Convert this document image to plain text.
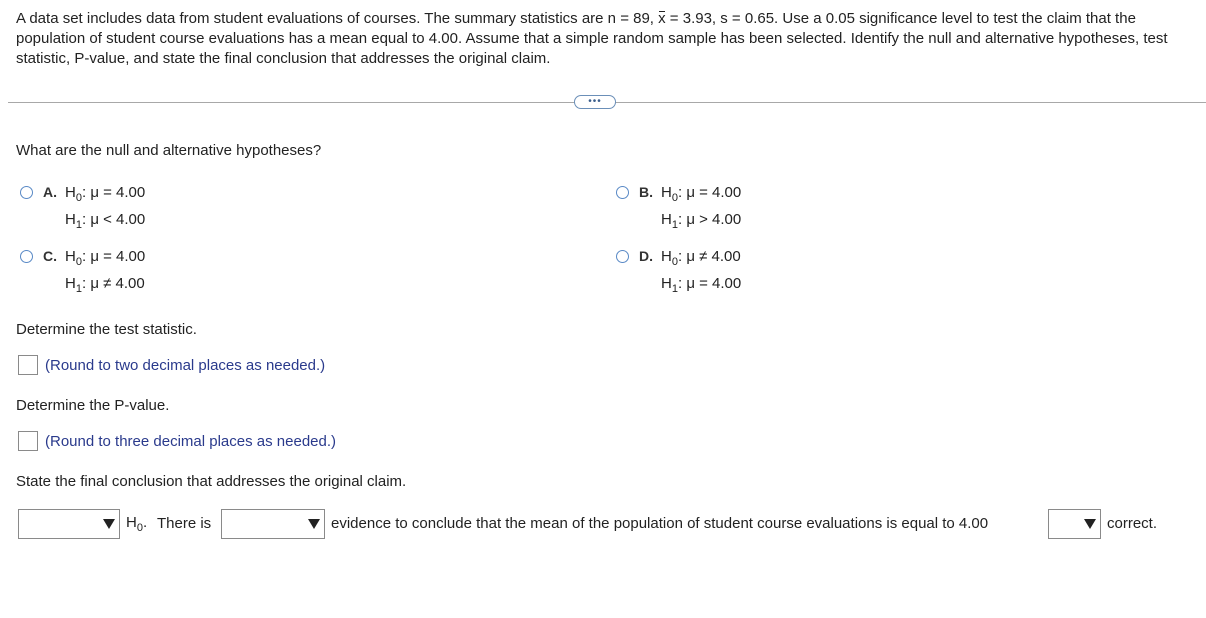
A data set includes data from student evaluations of courses. The summary statistics are n = 89, x = 3.93, s = 0.65. Use a 0.05 significance level to test the claim that the population of student course evaluations has a mean equal to 4.00. Assume that a simple random sample has been selected. Identify the null and alternative hypotheses, test statistic, P-value, and state the final conclusion that addresses the original claim.
•••
What are the null and alternative hypotheses?
A. $H_0$: μ = 4.00
$H_1$: μ < 4.00
B. $H_0$: μ = 4.00
$H_1$: μ > 4.00
C. $H_0$: μ = 4.00
$H_1$: μ ≠ 4.00
D. $H_0$: μ ≠ 4.00
$H_1$: μ = 4.00
Determine the test statistic.
(Round to two decimal places as needed.)
Determine the P-value.
(Round to three decimal places as needed.)
State the final conclusion that addresses the original claim.
$H_0$. There is	evidence to conclude that the mean of the population of student course evaluations is equal to 4.00	correct.
